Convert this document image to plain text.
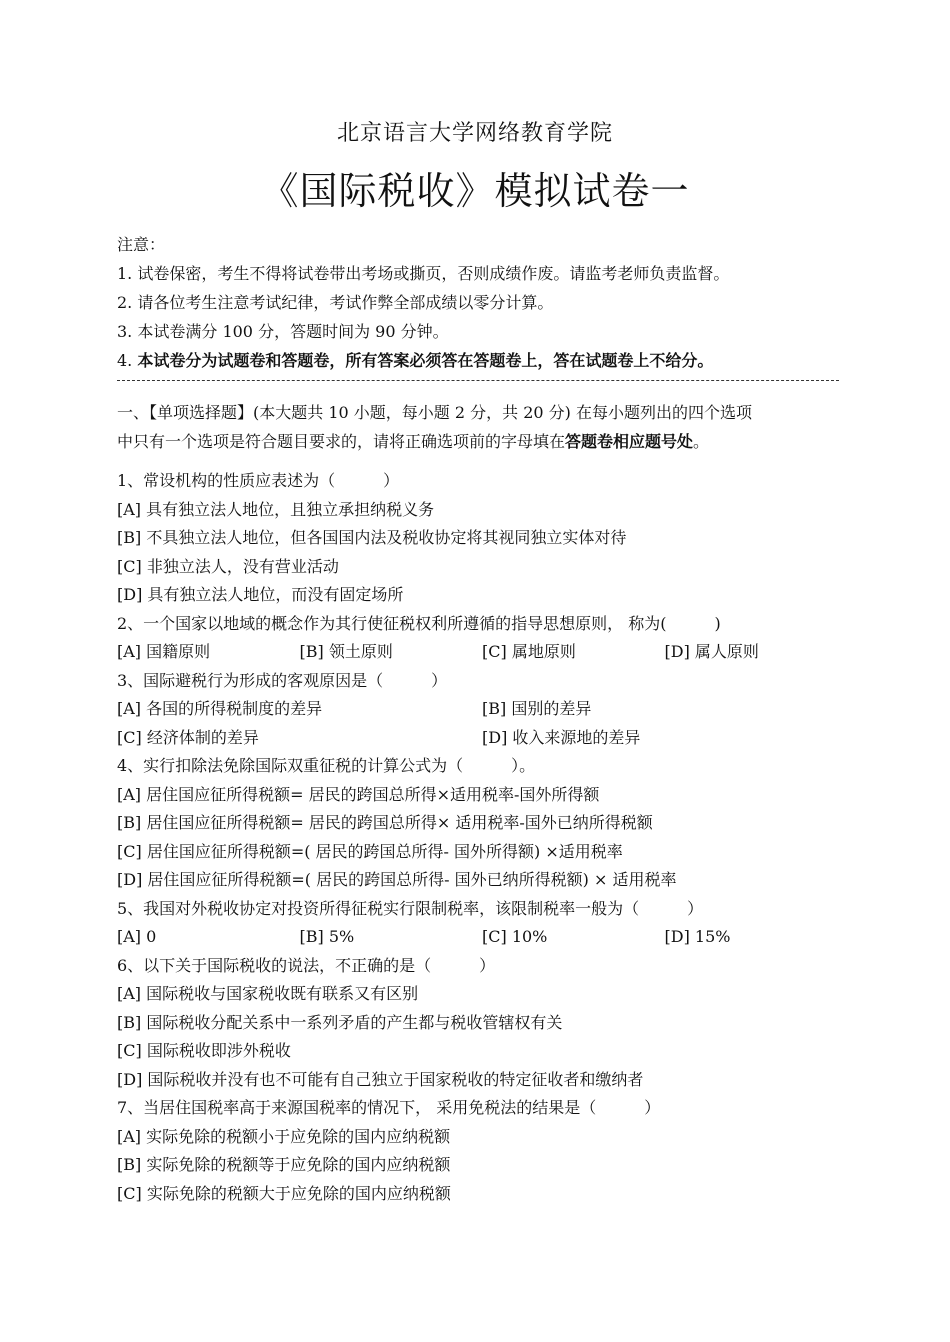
北京语言大学网络教育学院
《国际税收》模拟试卷一
注意：
1. 试卷保密，考生不得将试卷带出考场或撕页，否则成绩作废。请监考老师负责监督。
2. 请各位考生注意考试纪律，考试作弊全部成绩以零分计算。
3. 本试卷满分 100 分，答题时间为 90 分钟。
4. 本试卷分为试题卷和答题卷，所有答案必须答在答题卷上，答在试题卷上不给分。
一、【单项选择题】(本大题共 10 小题，每小题 2 分，共 20 分) 在每小题列出的四个选项
中只有一个选项是符合题目要求的，请将正确选项前的字母填在答题卷相应题号处。
1、常设机构的性质应表述为（　　　）
[A] 具有独立法人地位，且独立承担纳税义务
[B] 不具独立法人地位，但各国国内法及税收协定将其视同独立实体对待
[C] 非独立法人，没有营业活动
[D] 具有独立法人地位，而没有固定场所
2、一个国家以地域的概念作为其行使征税权利所遵循的指导思想原则， 称为(　　　)
[A] 国籍原则	[B] 领土原则	[C] 属地原则	[D] 属人原则
3、国际避税行为形成的客观原因是（　　　）
[A] 各国的所得税制度的差异	[B] 国别的差异
[C] 经济体制的差异	[D] 收入来源地的差异
4、实行扣除法免除国际双重征税的计算公式为（　　　）。
[A] 居住国应征所得税额= 居民的跨国总所得×适用税率-国外所得额
[B] 居住国应征所得税额= 居民的跨国总所得× 适用税率-国外已纳所得税额
[C] 居住国应征所得税额=( 居民的跨国总所得- 国外所得额) ×适用税率
[D] 居住国应征所得税额=( 居民的跨国总所得- 国外已纳所得税额) × 适用税率
5、我国对外税收协定对投资所得征税实行限制税率，该限制税率一般为（　　　）
[A] 0	[B] 5%	[C] 10%	[D] 15%
6、以下关于国际税收的说法，不正确的是（　　　）
[A] 国际税收与国家税收既有联系又有区别
[B] 国际税收分配关系中一系列矛盾的产生都与税收管辖权有关
[C] 国际税收即涉外税收
[D] 国际税收并没有也不可能有自己独立于国家税收的特定征收者和缴纳者
7、当居住国税率高于来源国税率的情况下， 采用免税法的结果是（　　　）
[A] 实际免除的税额小于应免除的国内应纳税额
[B] 实际免除的税额等于应免除的国内应纳税额
[C] 实际免除的税额大于应免除的国内应纳税额
